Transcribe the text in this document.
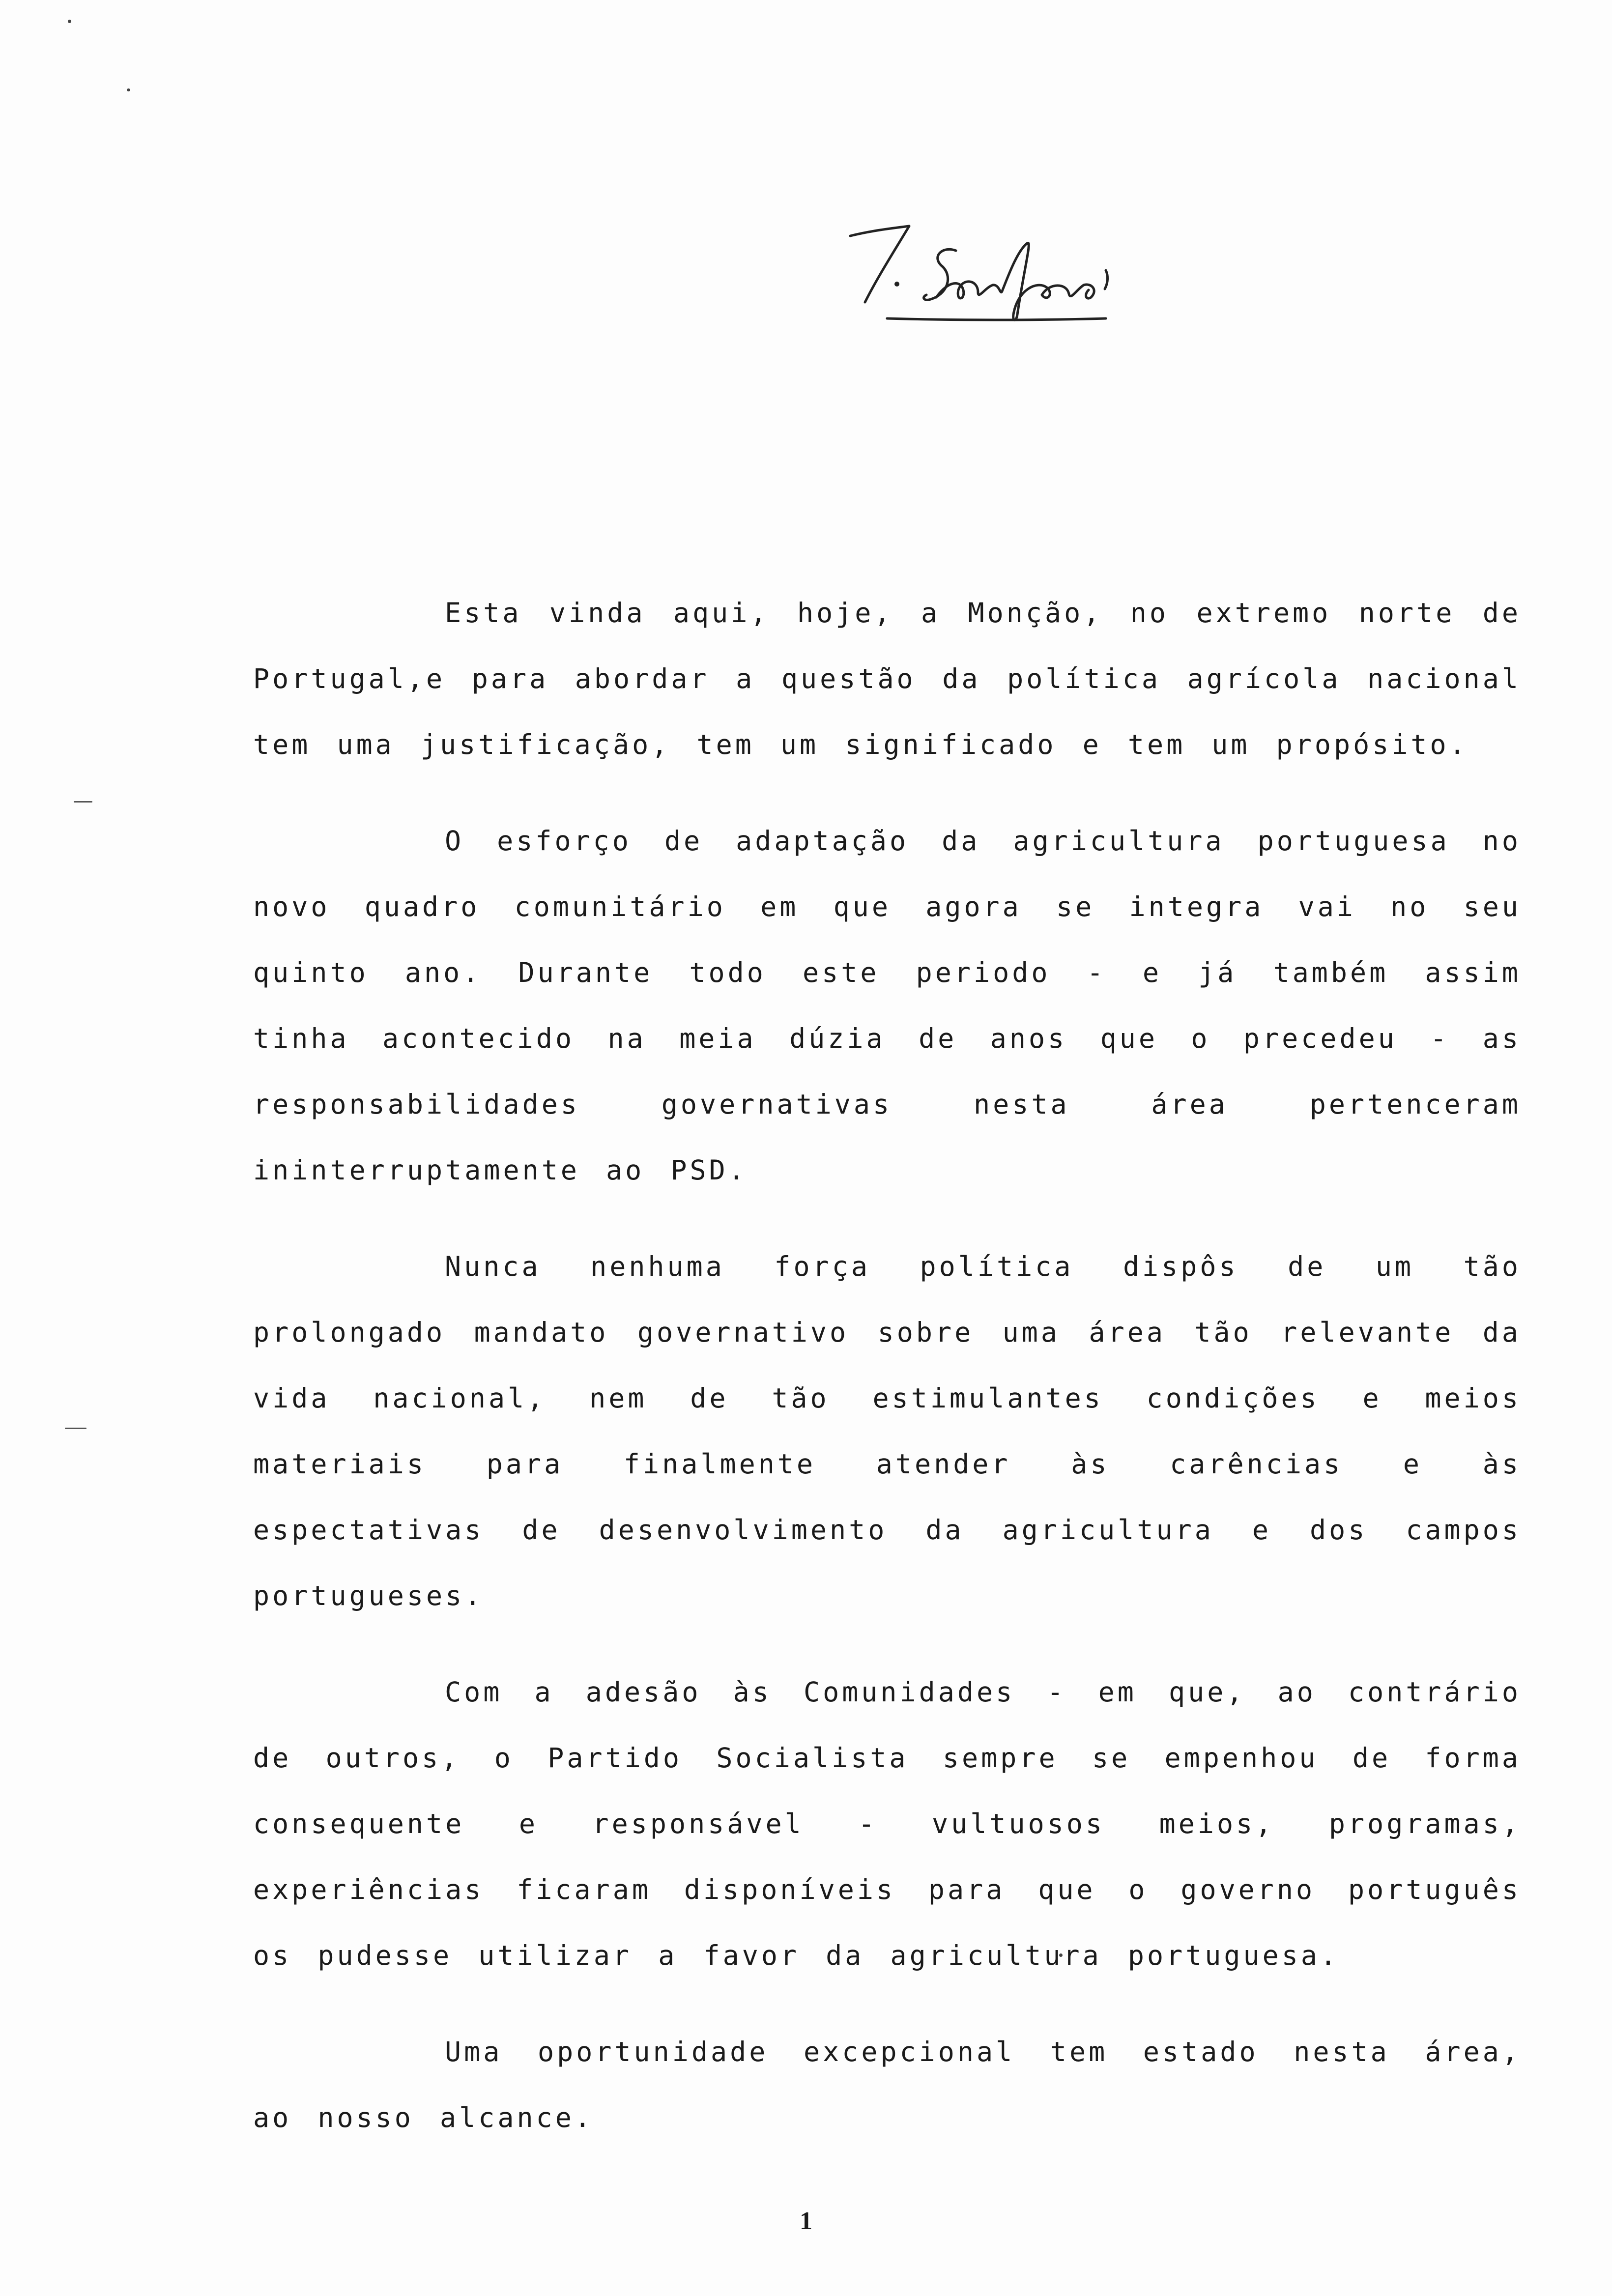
Esta vinda aqui, hoje, a Monção, no extremo norte de Portugal,e para abordar a questão da política agrícola nacional tem uma justificação, tem um significado e tem um propósito.

O esforço de adaptação da agricultura portuguesa no novo quadro comunitário em que agora se integra vai no seu quinto ano. Durante todo este periodo - e já também assim tinha acontecido na meia dúzia de anos que o precedeu - as responsabilidades governativas nesta área pertenceram ininterruptamente ao PSD.

Nunca nenhuma força política dispôs de um tão prolongado mandato governativo sobre uma área tão relevante da vida nacional, nem de tão estimulantes condições e meios materiais para finalmente atender às carências e às espectativas de desenvolvimento da agricultura e dos campos portugueses.

Com a adesão às Comunidades - em que, ao contrário de outros, o Partido Socialista sempre se empenhou de forma consequente e responsável - vultuosos meios, programas, experiências ficaram disponíveis para que o governo português os pudesse utilizar a favor da agricultura portuguesa.

Uma oportunidade excepcional tem estado nesta área, ao nosso alcance.

1
